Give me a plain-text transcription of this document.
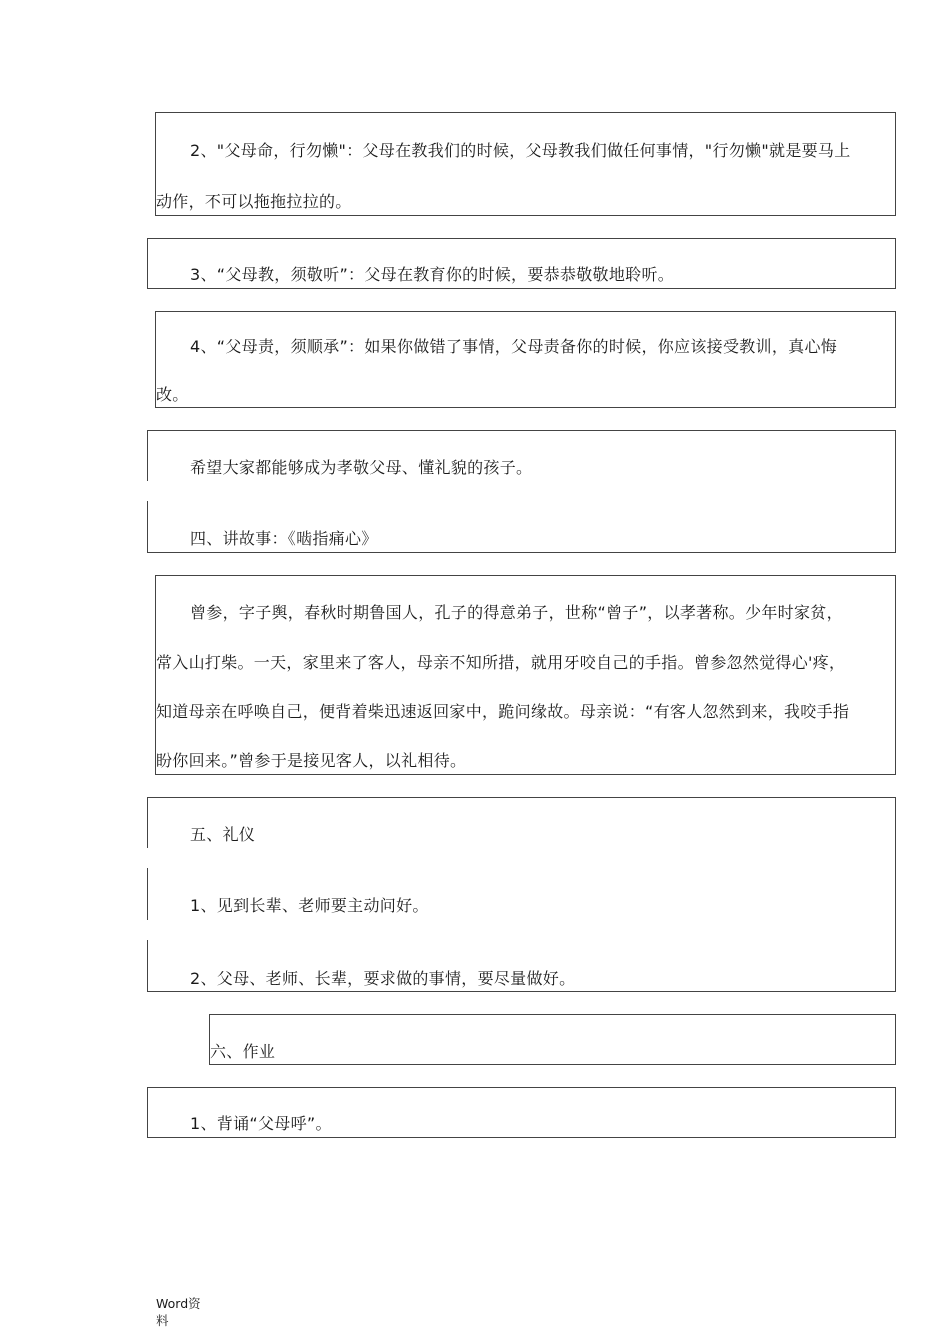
2、"父母命，行勿懒"：父母在教我们的时候，父母教我们做任何事情，"行勿懒"就是要马上
动作，不可以拖拖拉拉的。
3、“父母教，须敬听”：父母在教育你的时候，要恭恭敬敬地聆听。
4、“父母责，须顺承”：如果你做错了事情，父母责备你的时候，你应该接受教训，真心悔
改。
希望大家都能够成为孝敬父母、懂礼貌的孩子。
四、讲故事：《啮指痛心》
曾参，字子舆，春秋时期鲁国人，孔子的得意弟子，世称“曾子”，以孝著称。少年时家贫，
常入山打柴。一天，家里来了客人，母亲不知所措，就用牙咬自己的手指。曾参忽然觉得心'疼，
知道母亲在呼唤自己，便背着柴迅速返回家中，跪问缘故。母亲说：“有客人忽然到来，我咬手指
盼你回来。”曾参于是接见客人，以礼相待。
五、礼仪
1、见到长辈、老师要主动问好。
2、父母、老师、长辈，要求做的事情，要尽量做好。
六、作业
1、背诵“父母呼”。
Word资
料
